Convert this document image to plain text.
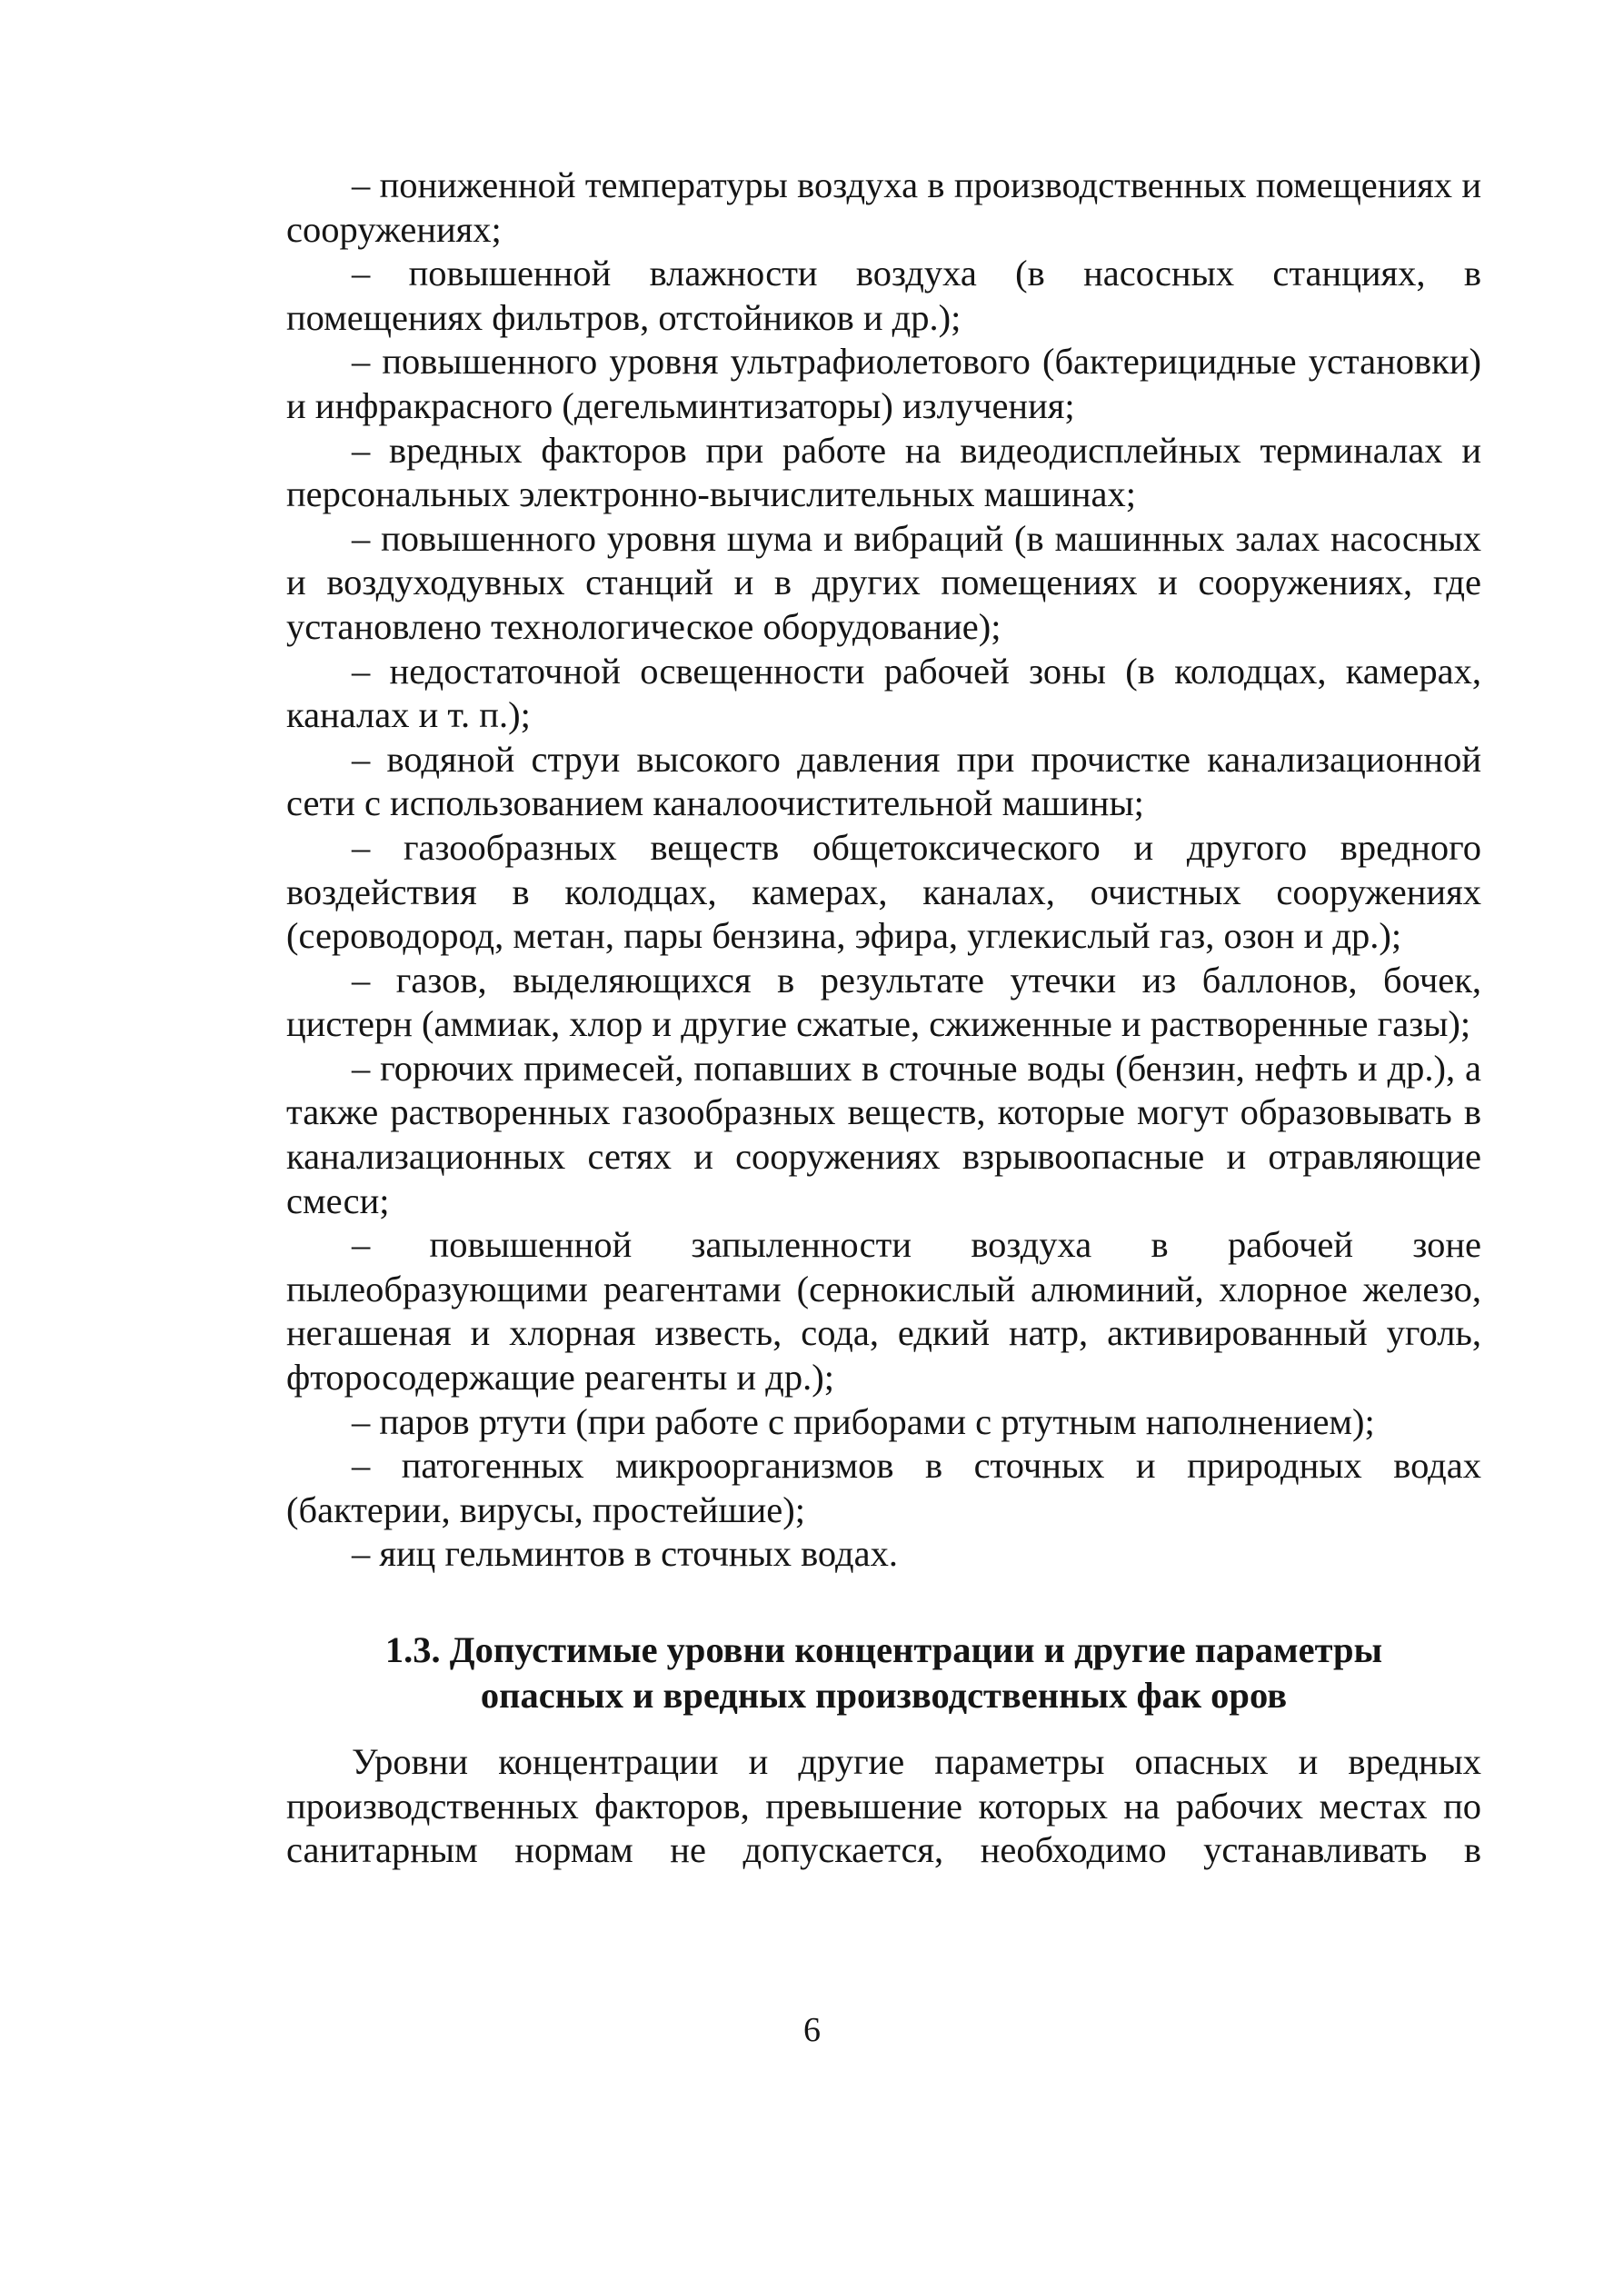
– пониженной температуры воздуха в производственных помещениях и сооружениях;

– повышенной влажности воздуха (в насосных станциях, в помещениях фильтров, отстойников и др.);

– повышенного уровня ультрафиолетового (бактерицидные установки) и инфракрасного (дегельминтизаторы) излучения;

– вредных факторов при работе на видеодисплейных терминалах и персональных электронно-вычислительных машинах;

– повышенного уровня шума и вибраций (в машинных залах насосных и воздуходувных станций и в других помещениях и сооружениях, где установлено технологическое оборудование);

– недостаточной освещенности рабочей зоны (в колодцах, камерах, каналах и т. п.);

– водяной струи высокого давления при прочистке канализационной сети с использованием каналоочистительной машины;

– газообразных веществ общетоксического и другого вредного воздействия в колодцах, камерах, каналах, очистных сооружениях (сероводород, метан, пары бензина, эфира, углекислый газ, озон и др.);

– газов, выделяющихся в результате утечки из баллонов, бочек, цистерн (аммиак, хлор и другие сжатые, сжиженные и растворенные газы);

– горючих примесей, попавших в сточные воды (бензин, нефть и др.), а также растворенных газообразных веществ, которые могут образовывать в канализационных сетях и сооружениях взрывоопасные и отравляющие смеси;

– повышенной запыленности воздуха в рабочей зоне пылеобразующими реагентами (сернокислый алюминий, хлорное железо, негашеная и хлорная известь, сода, едкий натр, активированный уголь, фторосодержащие реагенты и др.);

– паров ртути (при работе с приборами с ртутным наполнением);

– патогенных микроорганизмов в сточных и природных водах (бактерии, вирусы, простейшие);

– яиц гельминтов в сточных водах.

1.3. Допустимые уровни концентрации и другие параметры
опасных и вредных производственных фак оров

Уровни концентрации и другие параметры опасных и вредных производственных факторов, превышение которых на рабочих местах по санитарным нормам не допускается, необходимо устанавливать в

6
